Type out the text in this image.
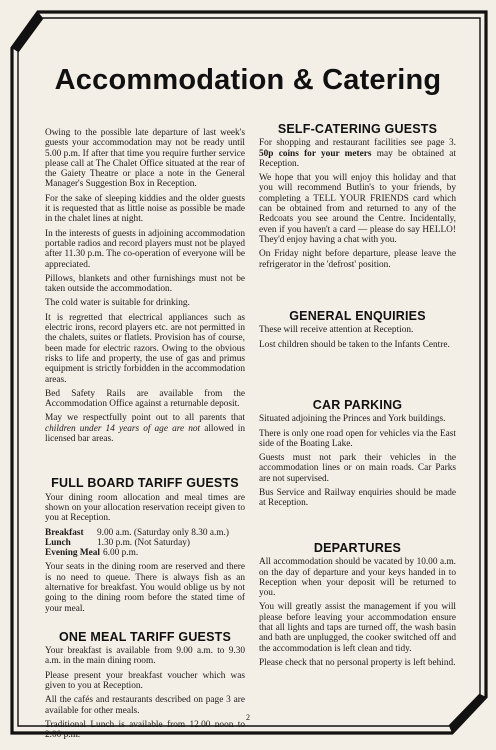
Accommodation & Catering

Owing to the possible late departure of last week's guests your accommodation may not be ready until 5.00 p.m. If after that time you require further service please call at The Chalet Office situated at the rear of the Gaiety Theatre or place a note in the General Manager's Suggestion Box in Reception.

For the sake of sleeping kiddies and the older guests it is requested that as little noise as possible be made in the chalet lines at night.

In the interests of guests in adjoining accommodation portable radios and record players must not be played after 11.30 p.m. The co-operation of everyone will be appreciated.

Pillows, blankets and other furnishings must not be taken outside the accommodation.

The cold water is suitable for drinking.

It is regretted that electrical appliances such as electric irons, record players etc. are not permitted in the chalets, suites or flatlets. Provision has of course, been made for electric razors. Owing to the obvious risks to life and property, the use of gas and primus equipment is strictly forbidden in the accommodation areas.

Bed Safety Rails are available from the Accommodation Office against a returnable deposit.

May we respectfully point out to all parents that children under 14 years of age are not allowed in licensed bar areas.

FULL BOARD TARIFF GUESTS

Your dining room allocation and meal times are shown on your allocation reservation receipt given to you at Reception.

Breakfast	9.00 a.m. (Saturday only 8.30 a.m.)
Lunch	1.30 p.m. (Not Saturday)
Evening Meal 6.00 p.m.

Your seats in the dining room are reserved and there is no need to queue. There is always fish as an alternative for breakfast. You would oblige us by not going to the dining room before the stated time of your meal.

ONE MEAL TARIFF GUESTS

Your breakfast is available from 9.00 a.m. to 9.30 a.m. in the main dining room.

Please present your breakfast voucher which was given to you at Reception.

All the cafés and restaurants described on page 3 are available for other meals.

Traditional Lunch is available from 12.00 noon to 2.00 p.m.

SELF-CATERING GUESTS

For shopping and restaurant facilities see page 3. 50p coins for your meters may be obtained at Reception.

We hope that you will enjoy this holiday and that you will recommend Butlin's to your friends, by completing a TELL YOUR FRIENDS card which can be obtained from and returned to any of the Redcoats you see around the Centre. Incidentally, even if you haven't a card — please do say HELLO! They'd enjoy having a chat with you.

On Friday night before departure, please leave the refrigerator in the 'defrost' position.

GENERAL ENQUIRIES

These will receive attention at Reception.

Lost children should be taken to the Infants Centre.

CAR PARKING

Situated adjoining the Princes and York buildings.

There is only one road open for vehicles via the East side of the Boating Lake.

Guests must not park their vehicles in the accommodation lines or on main roads. Car Parks are not supervised.

Bus Service and Railway enquiries should be made at Reception.

DEPARTURES

All accommodation should be vacated by 10.00 a.m. on the day of departure and your keys handed in to Reception when your deposit will be returned to you.

You will greatly assist the management if you will please before leaving your accommodation ensure that all lights and taps are turned off, the wash basin and bath are unplugged, the cooker switched off and the accommodation is left clean and tidy.

Please check that no personal property is left behind.

2
